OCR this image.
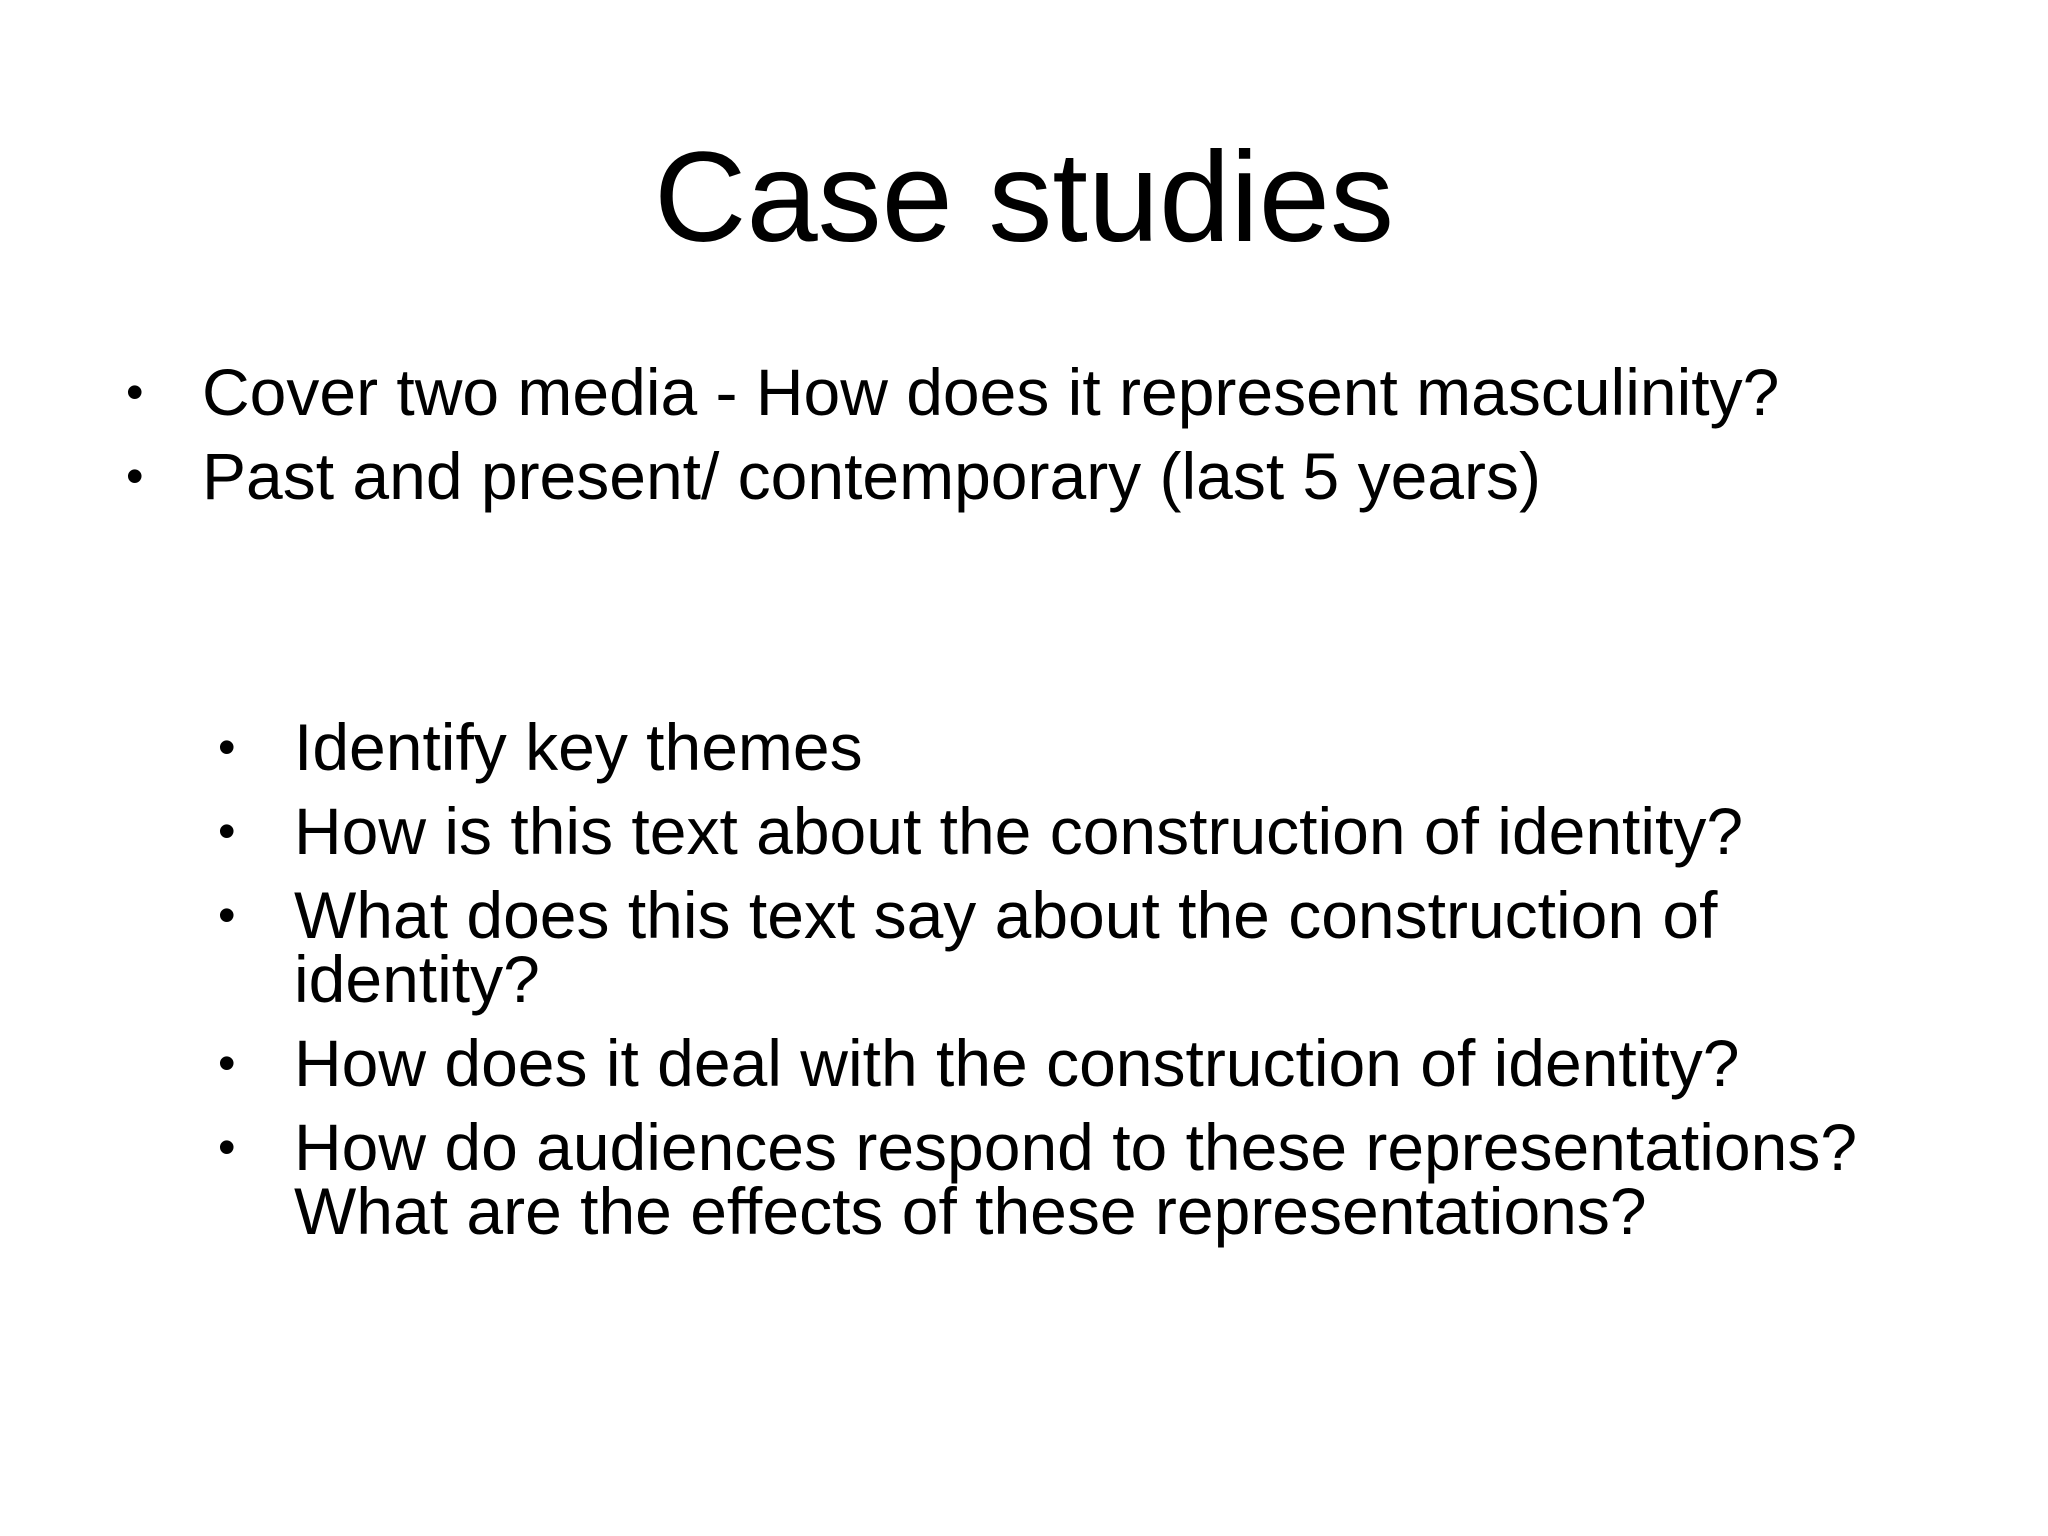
Case studies
• Cover two media - How does it represent masculinity?
• Past and present/ contemporary (last 5 years)
• Identify key themes
• How is this text about the construction of identity?
• What does this text say about the construction of identity?
• How does it deal with the construction of identity?
• How do audiences respond to these representations? What are the effects of these representations?
